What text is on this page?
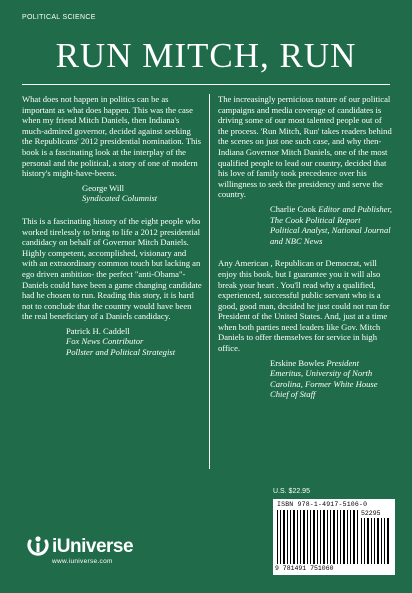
POLITICAL SCIENCE
RUN MITCH, RUN

What does not happen in politics can be as important as what does happen. This was the case when my friend Mitch Daniels, then Indiana's much-admired governor, decided against seeking the Republicans' 2012 presidential nomination. This book is a fascinating look at the interplay of the personal and the political, a story of one of modern history's might-have-beens.

George Will
Syndicated Columnist

This is a fascinating history of the eight people who worked tirelessly to bring to life a 2012 presidential candidacy on behalf of Governor Mitch Daniels. Highly competent, accomplished, visionary and with an extraordinary common touch but lacking an ego driven ambition- the perfect "anti-Obama"- Daniels could have been a game changing candidate had he chosen to run. Reading this story, it is hard not to conclude that the country would have been the real beneficiary of a Daniels candidacy.

Patrick H. Caddell
Fox News Contributor
Pollster and Political Strategist

The increasingly pernicious nature of our political campaigns and media coverage of candidates is driving some of our most talented people out of the process. 'Run Mitch, Run' takes readers behind the scenes on just one such case, and why then-Indiana Governor Mitch Daniels, one of the most qualified people to lead our country, decided that his love of family took precedence over his willingness to seek the presidency and serve the country.

Charlie Cook Editor and Publisher, The Cook Political Report
Political Analyst, National Journal and NBC News

Any American , Republican or Democrat, will enjoy this book, but I guarantee you it will also break your heart . You'll read why a qualified, experienced, successful public servant who is a good, good man, decided he just could not run for President of the United States. And, just at a time when both parties need leaders like Gov. Mitch Daniels to offer themselves for service in high office.

Erskine Bowles President Emeritus, University of North Carolina, Former White House Chief of Staff
U.S. $22.95
ISBN 978-1-4917-5106-0
52295
9 781491 751060
iUniverse
www.iuniverse.com
